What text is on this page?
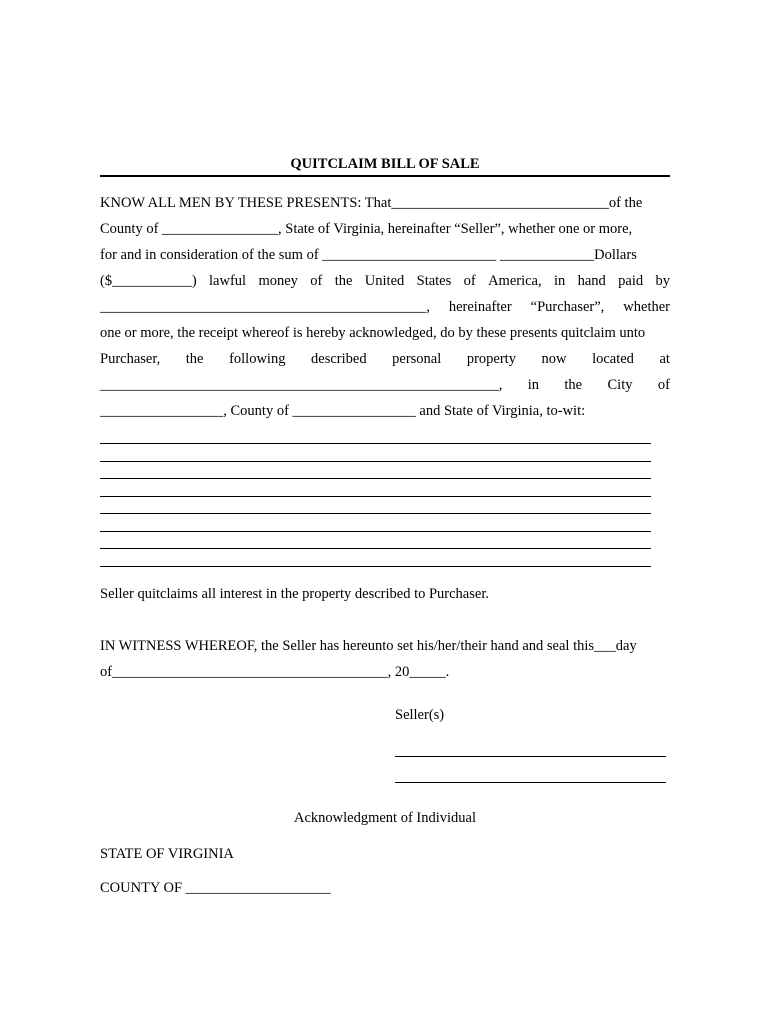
QUITCLAIM BILL OF SALE
KNOW ALL MEN BY THESE PRESENTS: That______________________________of the
County of ________________, State of Virginia, hereinafter “Seller”, whether one or more,
for and in consideration of the sum of ________________________ _____________Dollars
($___________) lawful money of the United States of America, in hand paid by
_____________________________________________, hereinafter “Purchaser”, whether
one or more, the receipt whereof is hereby acknowledged, do by these presents quitclaim unto
Purchaser, the following described personal property now located at
_______________________________________________________, in the City of
_________________, County of _________________ and State of Virginia, to-wit:
Seller quitclaims all interest in the property described to Purchaser.
IN WITNESS WHEREOF, the Seller has hereunto set his/her/their hand and seal this___day
of______________________________________, 20_____.
Seller(s)
Acknowledgment of Individual
STATE OF VIRGINIA
COUNTY OF ____________________
